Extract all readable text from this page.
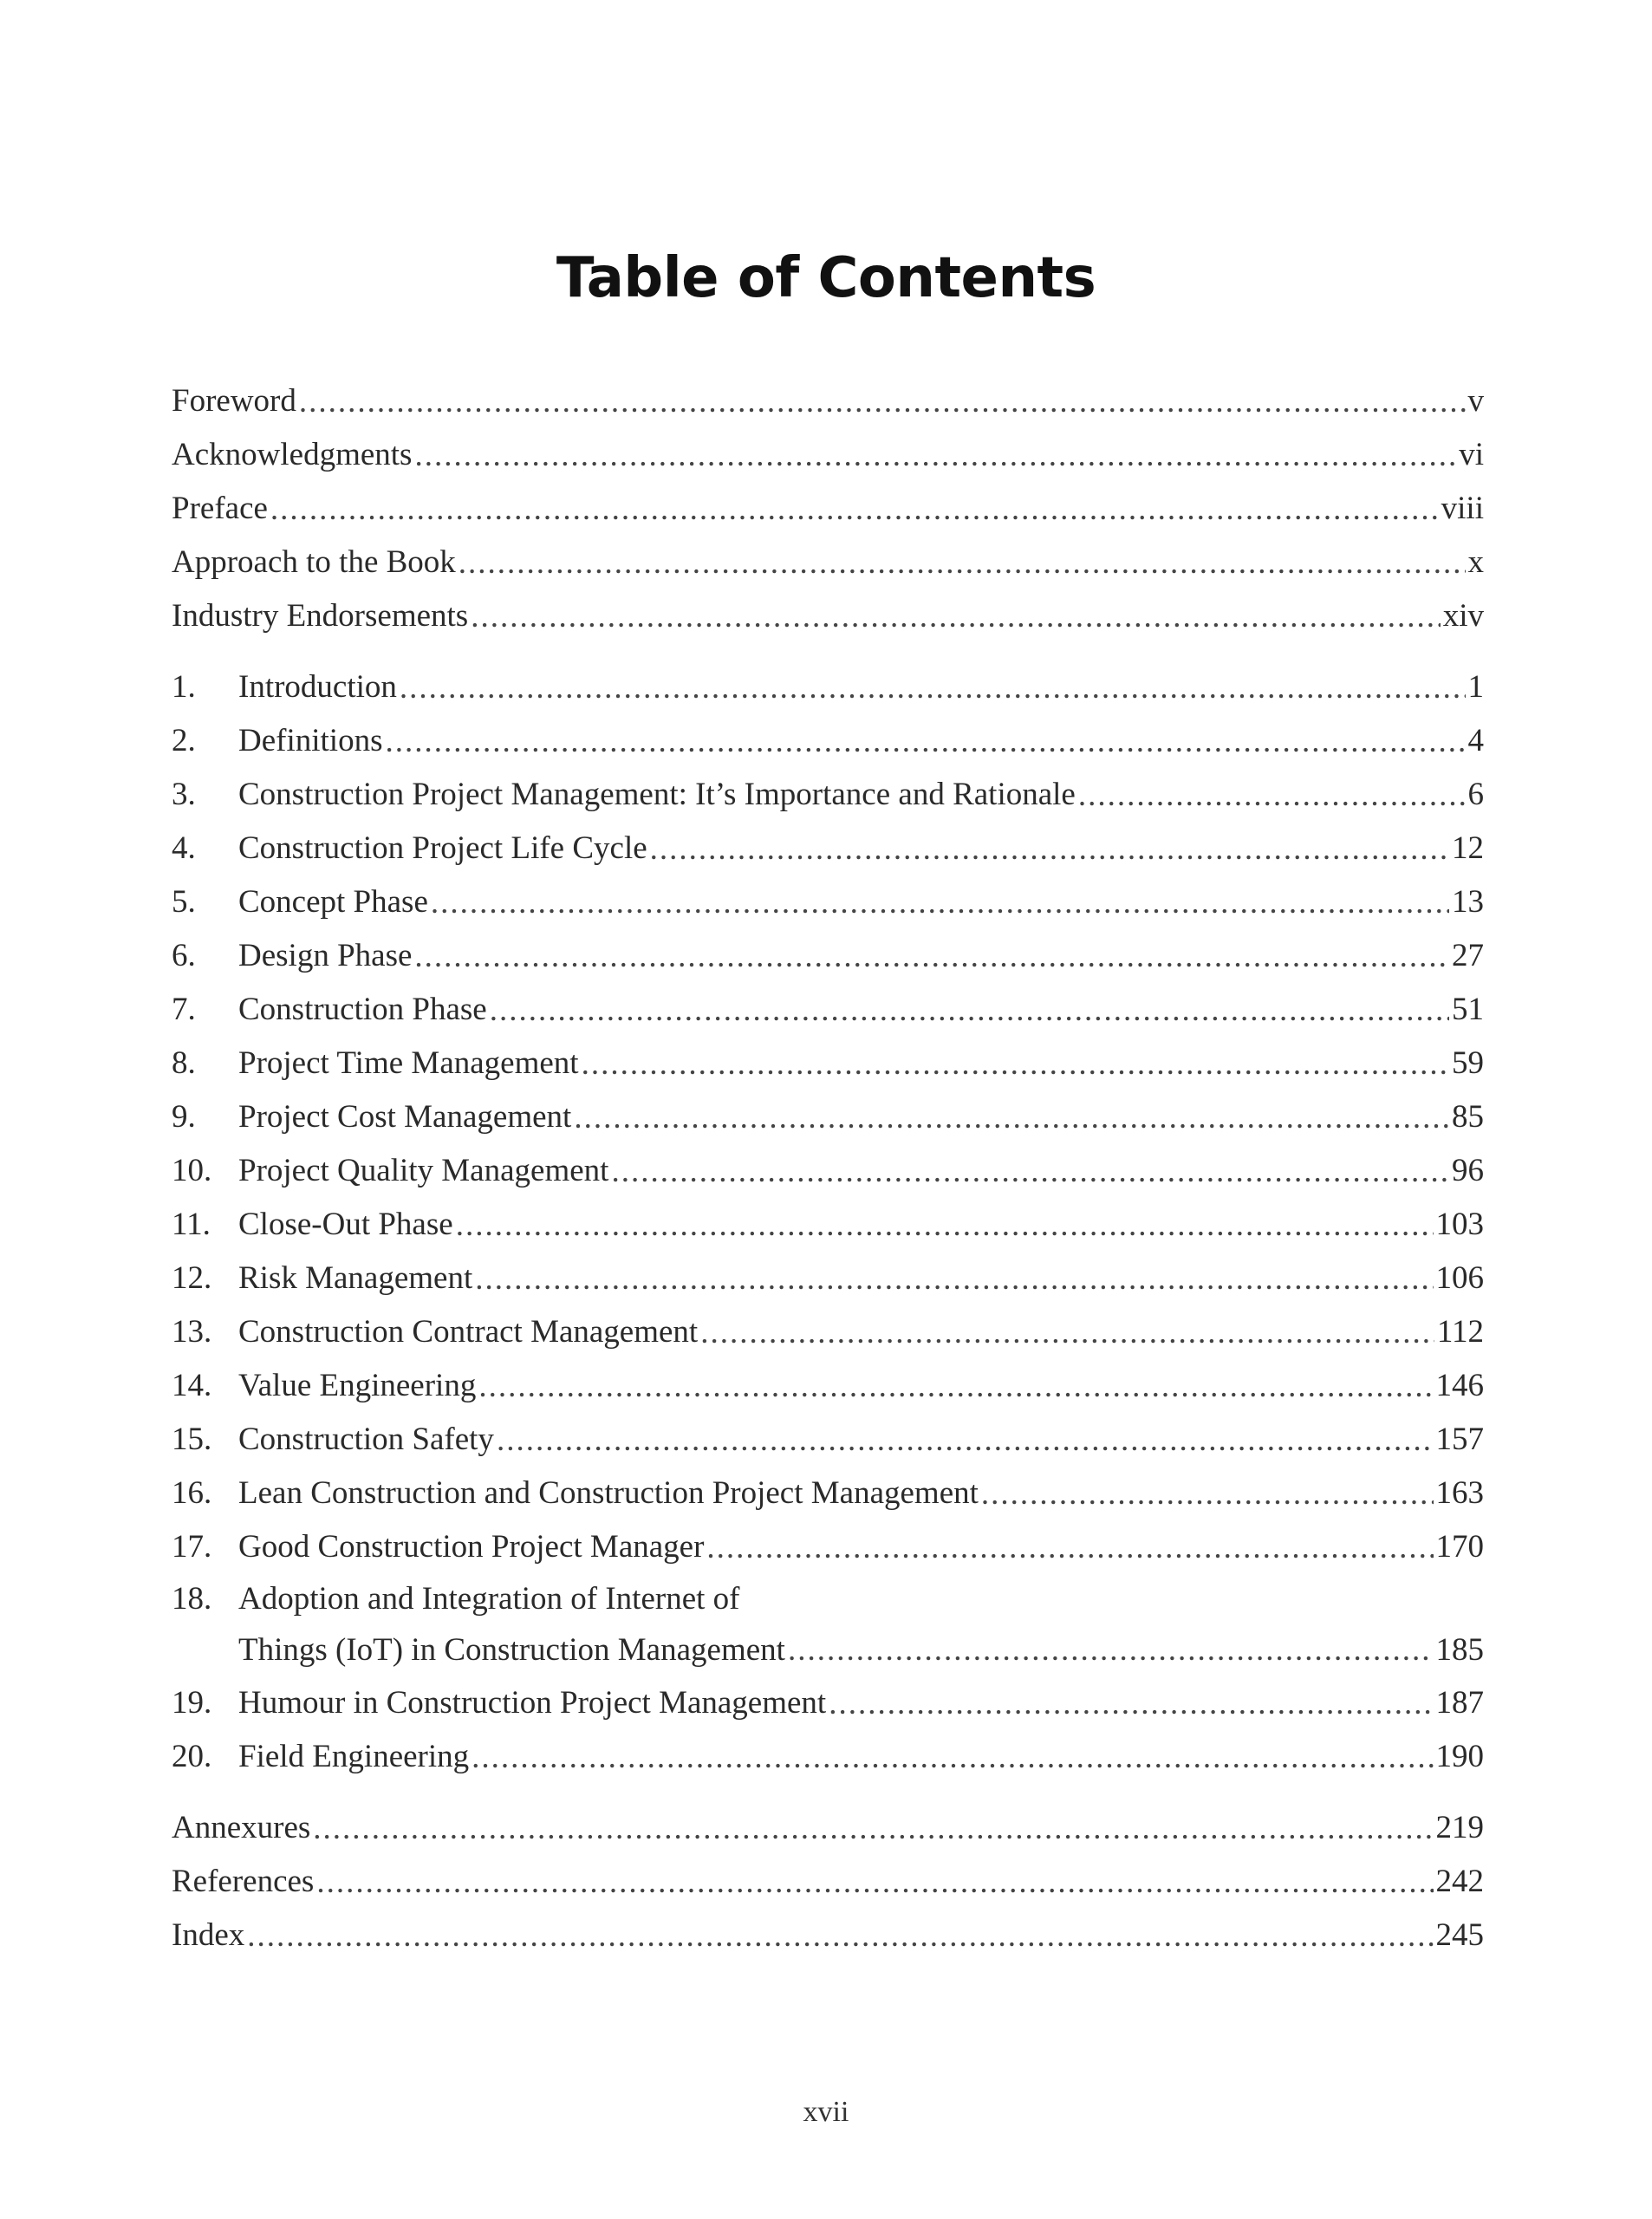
Table of Contents
Foreword .....	v
Acknowledgments .....	vi
Preface .....	viii
Approach to the Book .....	x
Industry Endorsements .....	xiv
1.	Introduction .....	1
2.	Definitions .....	4
3.	Construction Project Management: It’s Importance and Rationale .....	6
4.	Construction Project Life Cycle .....	12
5.	Concept Phase .....	13
6.	Design Phase .....	27
7.	Construction Phase .....	51
8.	Project Time Management .....	59
9.	Project Cost Management .....	85
10. Project Quality Management .....	96
11. Close-Out Phase .....	103
12. Risk Management .....	106
13. Construction Contract Management .....	112
14. Value Engineering .....	146
15. Construction Safety .....	157
16. Lean Construction and Construction Project Management .....	163
17. Good Construction Project Manager .....	170
18. Adoption and Integration of Internet of
Things (IoT) in Construction Management .....	185
19. Humour in Construction Project Management .....	187
20. Field Engineering .....	190
Annexures .....	219
References .....	242
Index .....	245
xvii
